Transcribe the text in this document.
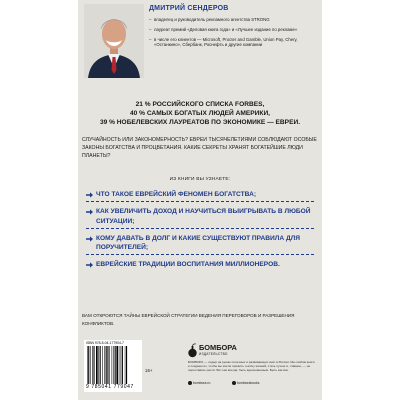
ДМИТРИЙ СЕНДЕРОВ
– владелец и руководитель рекламного агентства STRONG
– лауреат премий «Деловая книга года» и «Лучшее издание по рекламе»
– в числе его клиентов — Microsoft, Procter and Gamble, Union Pay, Chery, «Останкино», Сбербанк, Роснефть и другие компании
21 % РОССИЙСКОГО СПИСКА FORBES,
40 % САМЫХ БОГАТЫХ ЛЮДЕЙ АМЕРИКИ,
39 % НОБЕЛЕВСКИХ ЛАУРЕАТОВ ПО ЭКОНОМИКЕ — ЕВРЕИ.

СЛУЧАЙНОСТЬ ИЛИ ЗАКОНОМЕРНОСТЬ? ЕВРЕИ ТЫСЯЧЕЛЕТИЯМИ СОБЛЮДАЮТ ОСОБЫЕ ЗАКОНЫ БОГАТСТВА И ПРОЦВЕТАНИЯ. КАКИЕ СЕКРЕТЫ ХРАНЯТ БОГАТЕЙШИЕ ЛЮДИ ПЛАНЕТЫ?

ИЗ КНИГИ ВЫ УЗНАЕТЕ:
ЧТО ТАКОЕ ЕВРЕЙСКИЙ ФЕНОМЕН БОГАТСТВА;
КАК УВЕЛИЧИТЬ ДОХОД И НАУЧИТЬСЯ ВЫИГРЫВАТЬ В ЛЮБОЙ СИТУАЦИИ;
КОМУ ДАВАТЬ В ДОЛГ И КАКИЕ СУЩЕСТВУЮТ ПРАВИЛА ДЛЯ ПОРУЧИТЕЛЕЙ;
ЕВРЕЙСКИЕ ТРАДИЦИИ ВОСПИТАНИЯ МИЛЛИОНЕРОВ.

ВАМ ОТКРОЮТСЯ ТАЙНЫ ЕВРЕЙСКОЙ СТРАТЕГИИ ВЕДЕНИЯ ПЕРЕГОВОРОВ И РАЗРЕШЕНИЯ КОНФЛИКТОВ.

ISBN 978-5-04-177904-7
9 785041 779047
16+
БОМБОРА
ИЗДАТЕЛЬСТВО

БОМБОРА — лидер на рынке полезных и развивающих книг в России. Мы любим книги и создаем их, чтобы вы могли прожить тысячу жизней, стать лучше и, главное, — не переставать расти. Вот как всегда, быть вдохновенным. Быть как все.

bombora.ru	bomborabooks
